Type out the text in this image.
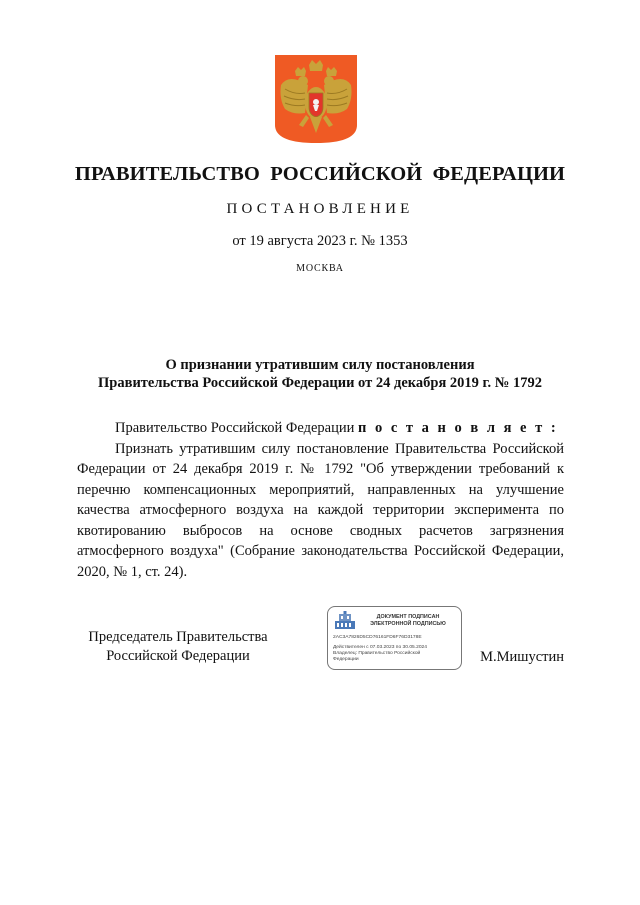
ПРАВИТЕЛЬСТВО РОССИЙСКОЙ ФЕДЕРАЦИИ
ПОСТАНОВЛЕНИЕ
от 19 августа 2023 г. № 1353
МОСКВА
О признании утратившим силу постановления
Правительства Российской Федерации от 24 декабря 2019 г. № 1792

Правительство Российской Федерации п о с т а н о в л я е т :

Признать утратившим силу постановление Правительства Российской Федерации от 24 декабря 2019 г. № 1792 "Об утверждении требований к перечню компенсационных мероприятий, направленных на улучшение качества атмосферного воздуха на каждой территории эксперимента по квотированию выбросов на основе сводных расчетов загрязнения атмосферного воздуха" (Собрание законодательства Российской Федерации, 2020, № 1, ст. 24).

Председатель Правительства
Российской Федерации
ДОКУМЕНТ ПОДПИСАН
ЭЛЕКТРОННОЙ ПОДПИСЬЮ
2AC3A7826D5CD76161FD6F76D3178E
Действителен с 07.03.2023 по 30.05.2024
Владелец: Правительство Российской
Федерации	М.Мишустин
